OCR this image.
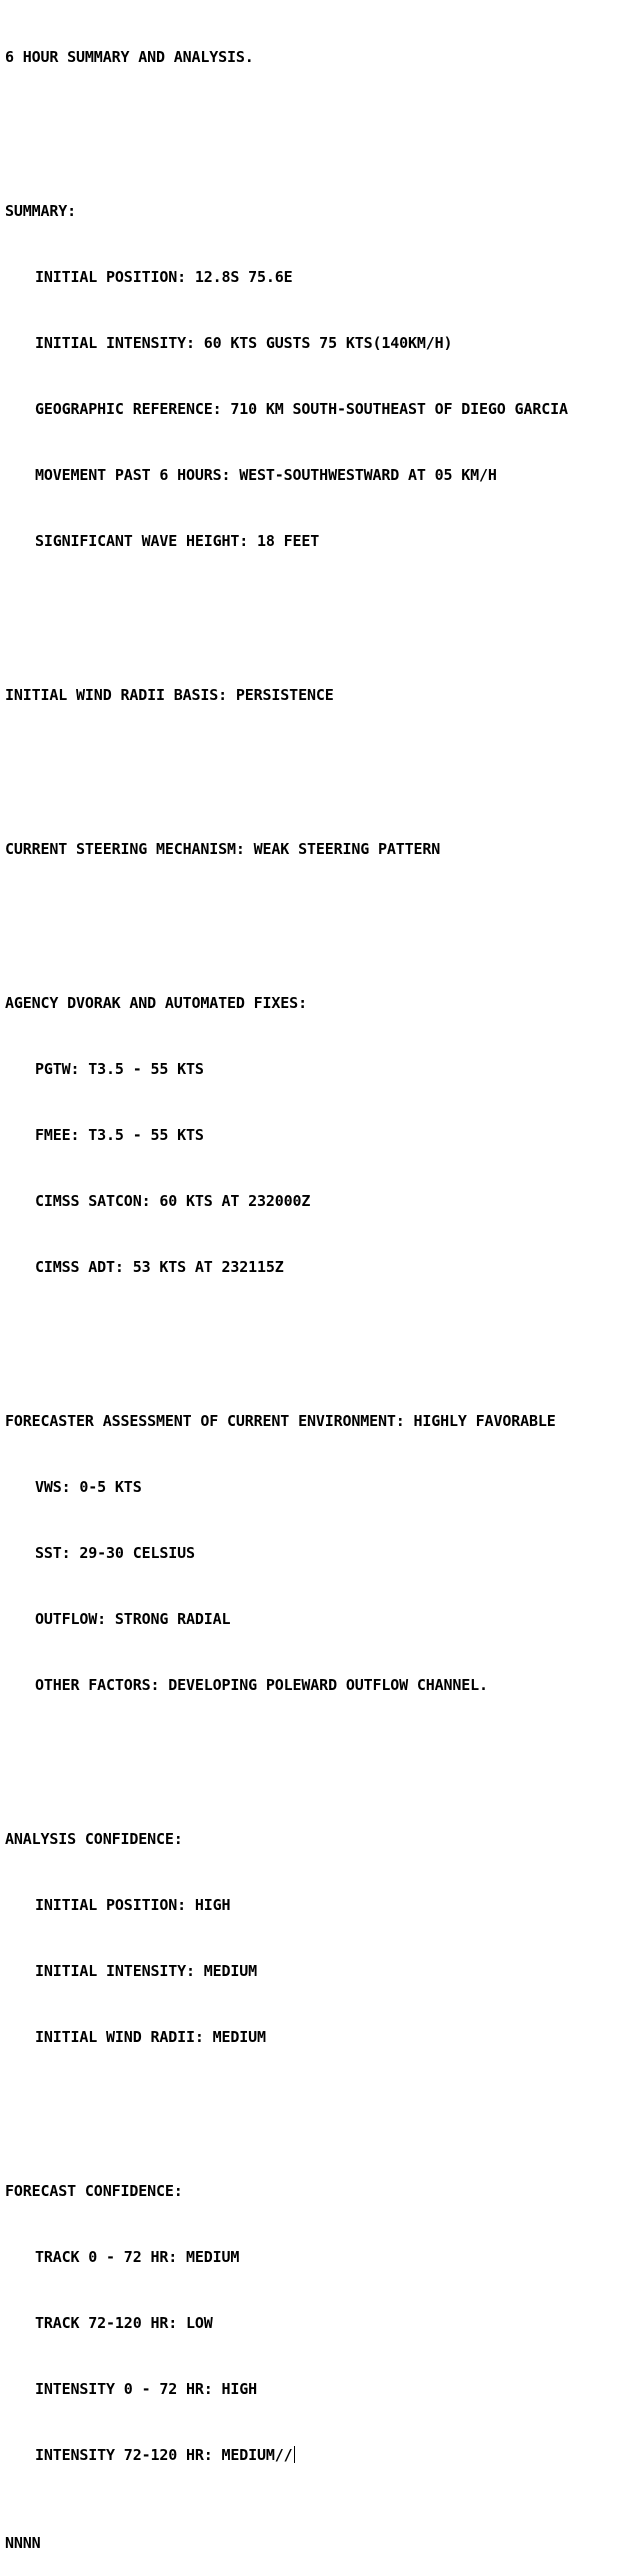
6 HOUR SUMMARY AND ANALYSIS.

SUMMARY:

INITIAL POSITION: 12.8S 75.6E

INITIAL INTENSITY: 60 KTS GUSTS 75 KTS(140KM/H)

GEOGRAPHIC REFERENCE: 710 KM SOUTH-SOUTHEAST OF DIEGO GARCIA

MOVEMENT PAST 6 HOURS: WEST-SOUTHWESTWARD AT 05 KM/H

SIGNIFICANT WAVE HEIGHT: 18 FEET

INITIAL WIND RADII BASIS: PERSISTENCE

CURRENT STEERING MECHANISM: WEAK STEERING PATTERN

AGENCY DVORAK AND AUTOMATED FIXES:

PGTW: T3.5 - 55 KTS

FMEE: T3.5 - 55 KTS

CIMSS SATCON: 60 KTS AT 232000Z

CIMSS ADT: 53 KTS AT 232115Z

FORECASTER ASSESSMENT OF CURRENT ENVIRONMENT: HIGHLY FAVORABLE

VWS: 0-5 KTS

SST: 29-30 CELSIUS

OUTFLOW: STRONG RADIAL

OTHER FACTORS: DEVELOPING POLEWARD OUTFLOW CHANNEL.

ANALYSIS CONFIDENCE:

INITIAL POSITION: HIGH

INITIAL INTENSITY: MEDIUM

INITIAL WIND RADII: MEDIUM

FORECAST CONFIDENCE:

TRACK 0 - 72 HR: MEDIUM

TRACK 72-120 HR: LOW

INTENSITY 0 - 72 HR: HIGH

INTENSITY 72-120 HR: MEDIUM//

NNNN
